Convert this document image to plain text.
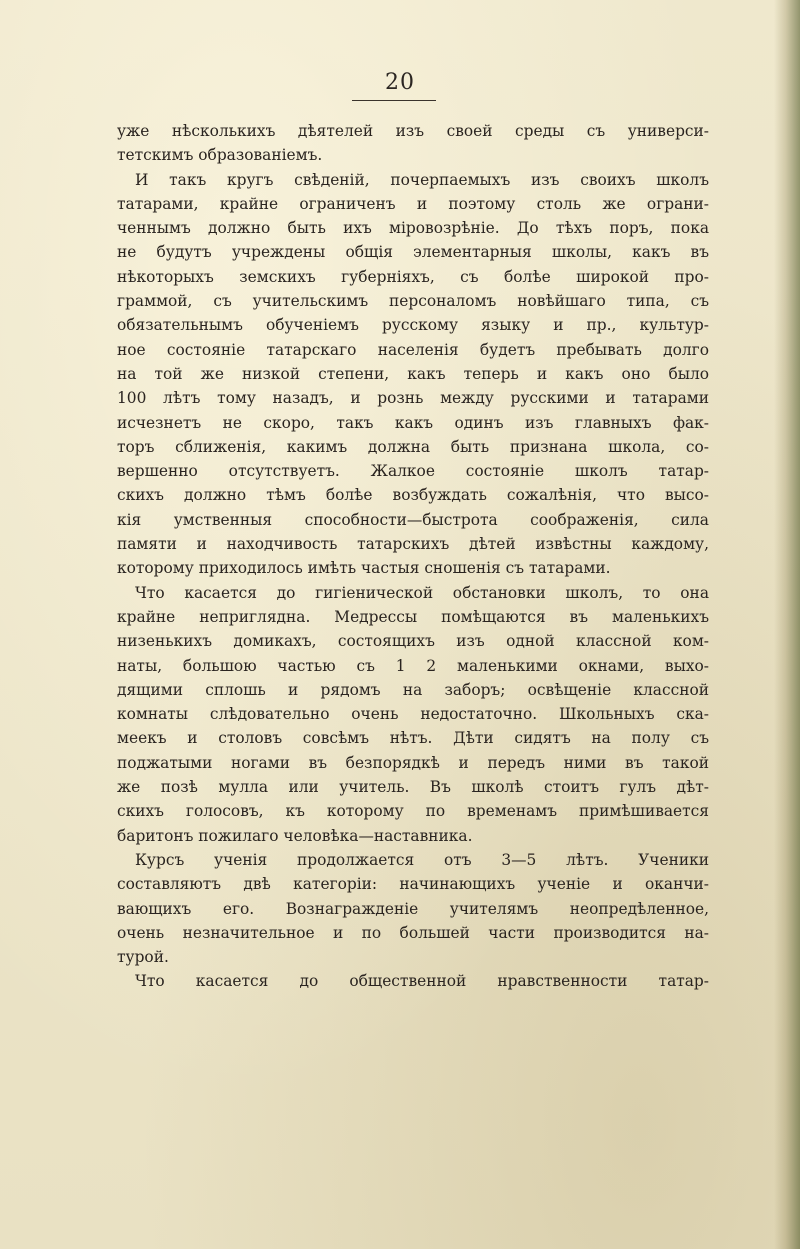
20
уже нѣсколькихъ дѣятелей изъ своей среды съ универси-
тетскимъ образованіемъ.
И такъ кругъ свѣденій, почерпаемыхъ изъ своихъ школъ
татарами, крайне ограниченъ и поэтому столь же ограни-
ченнымъ должно быть ихъ міровозрѣніе. До тѣхъ поръ, пока
не будутъ учреждены общія элементарныя школы, какъ въ
нѣкоторыхъ земскихъ губерніяхъ, съ болѣе широкой про-
граммой, съ учительскимъ персоналомъ новѣйшаго типа, съ
обязательнымъ обученіемъ русскому языку и пр., культур-
ное состояніе татарскаго населенія будетъ пребывать долго
на той же низкой степени, какъ теперь и какъ оно было
100 лѣтъ тому назадъ, и рознь между русскими и татарами
исчезнетъ не скоро, такъ какъ одинъ изъ главныхъ фак-
торъ сближенія, какимъ должна быть признана школа, со-
вершенно отсутствуетъ. Жалкое состояніе школъ татар-
скихъ должно тѣмъ болѣе возбуждать сожалѣнія, что высо-
кія умственныя способности—быстрота соображенія, сила
памяти и находчивость татарскихъ дѣтей извѣстны каждому,
которому приходилось имѣть частыя сношенія съ татарами.
Что касается до гигіенической обстановки школъ, то она
крайне неприглядна. Медрессы помѣщаются въ маленькихъ
низенькихъ домикахъ, состоящихъ изъ одной классной ком-
наты, большою частью съ 1 2 маленькими окнами, выхо-
дящими сплошь и рядомъ на заборъ; освѣщеніе классной
комнаты слѣдовательно очень недостаточно. Школьныхъ ска-
меекъ и столовъ совсѣмъ нѣтъ. Дѣти сидятъ на полу съ
поджатыми ногами въ безпорядкѣ и передъ ними въ такой
же позѣ мулла или учитель. Въ школѣ стоитъ гулъ дѣт-
скихъ голосовъ, къ которому по временамъ примѣшивается
баритонъ пожилаго человѣка—наставника.
Курсъ ученія продолжается отъ 3—5 лѣтъ. Ученики
составляютъ двѣ категоріи: начинающихъ ученіе и оканчи-
вающихъ его. Вознагражденіе учителямъ неопредѣленное,
очень незначительное и по большей части производится на-
турой.
Что касается до общественной нравственности татар-
